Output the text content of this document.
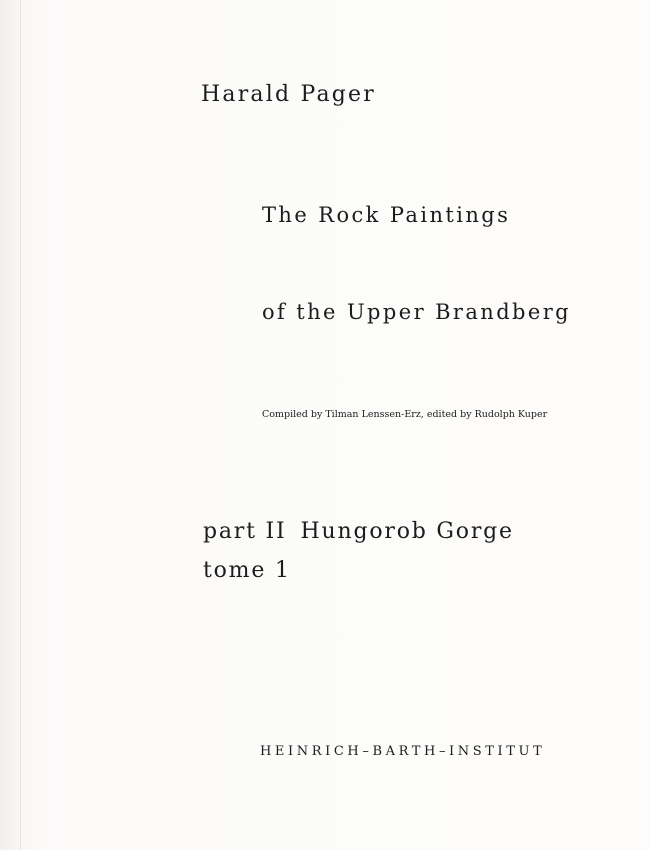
Harald Pager
The Rock Paintings
of the Upper Brandberg
Compiled by Tilman Lenssen-Erz, edited by Rudolph Kuper
part II Hungorob Gorge
tome 1
HEINRICH–BARTH–INSTITUT
